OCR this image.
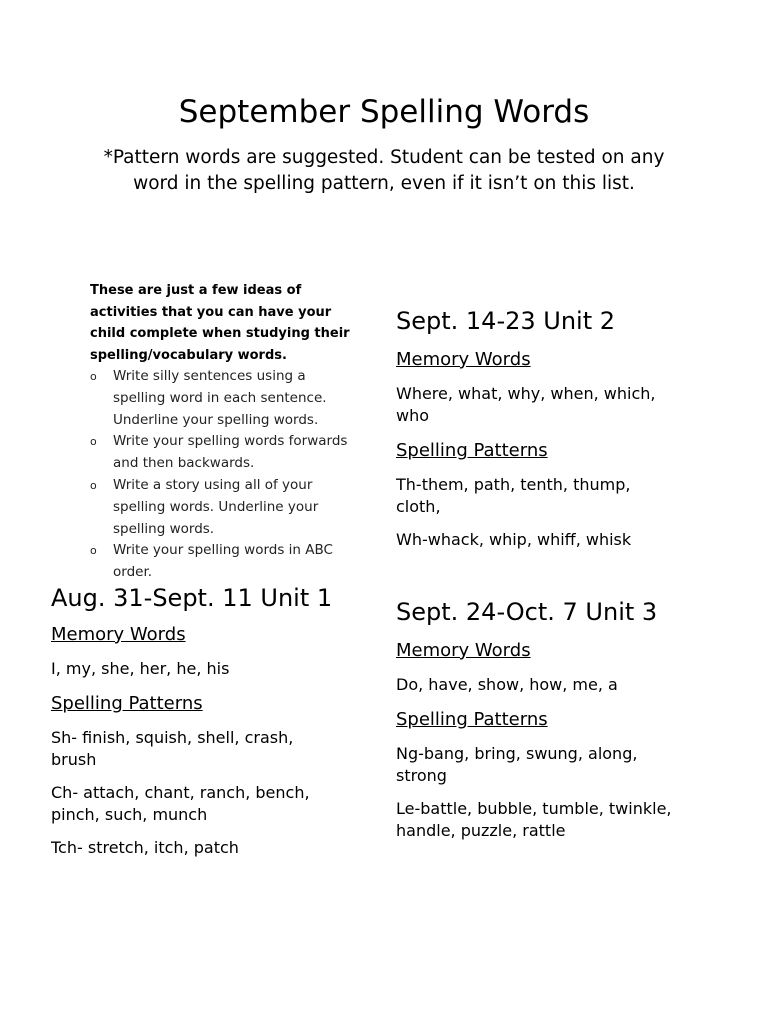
September Spelling Words
*Pattern words are suggested. Student can be tested on any word in the spelling pattern, even if it isn’t on this list.

These are just a few ideas of activities that you can have your child complete when studying their spelling/vocabulary words.

o Write silly sentences using a spelling word in each sentence. Underline your spelling words.
o Write your spelling words forwards and then backwards.
o Write a story using all of your spelling words. Underline your spelling words.
o Write your spelling words in ABC order.
Aug. 31-Sept. 11 Unit 1
Memory Words
I, my, she, her, he, his
Spelling Patterns
Sh- finish, squish, shell, crash, brush
Ch- attach, chant, ranch, bench, pinch, such, munch
Tch- stretch, itch, patch
Sept. 14-23 Unit 2
Memory Words
Where, what, why, when, which, who
Spelling Patterns
Th-them, path, tenth, thump, cloth,
Wh-whack, whip, whiff, whisk
Sept. 24-Oct. 7 Unit 3
Memory Words
Do, have, show, how, me, a
Spelling Patterns
Ng-bang, bring, swung, along, strong
Le-battle, bubble, tumble, twinkle, handle, puzzle, rattle
